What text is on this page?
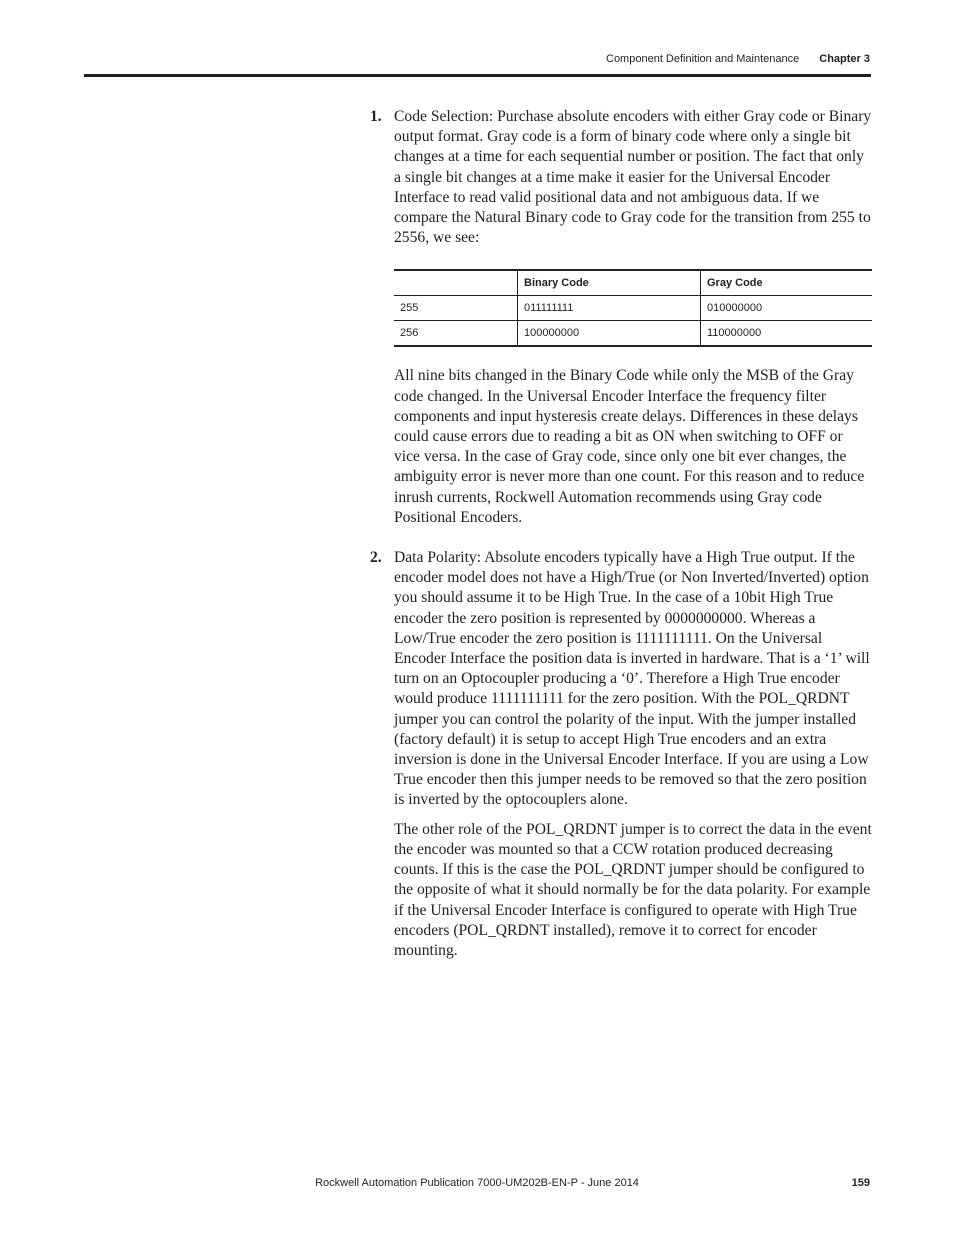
Component Definition and Maintenance Chapter 3
1. Code Selection: Purchase absolute encoders with either Gray code or Binary output format. Gray code is a form of binary code where only a single bit changes at a time for each sequential number or position. The fact that only a single bit changes at a time make it easier for the Universal Encoder Interface to read valid positional data and not ambiguous data. If we compare the Natural Binary code to Gray code for the transition from 255 to 2556, we see:

	Binary Code	Gray Code
255	011111111	010000000
256	100000000	110000000

All nine bits changed in the Binary Code while only the MSB of the Gray code changed. In the Universal Encoder Interface the frequency filter components and input hysteresis create delays. Differences in these delays could cause errors due to reading a bit as ON when switching to OFF or vice versa. In the case of Gray code, since only one bit ever changes, the ambiguity error is never more than one count. For this reason and to reduce inrush currents, Rockwell Automation recommends using Gray code Positional Encoders.

2. Data Polarity: Absolute encoders typically have a High True output. If the encoder model does not have a High/True (or Non Inverted/Inverted) option you should assume it to be High True. In the case of a 10bit High True encoder the zero position is represented by 0000000000. Whereas a Low/True encoder the zero position is 1111111111. On the Universal Encoder Interface the position data is inverted in hardware. That is a ‘1’ will turn on an Optocoupler producing a ‘0’. Therefore a High True encoder would produce 1111111111 for the zero position. With the POL_QRDNT jumper you can control the polarity of the input. With the jumper installed (factory default) it is setup to accept High True encoders and an extra inversion is done in the Universal Encoder Interface. If you are using a Low True encoder then this jumper needs to be removed so that the zero position is inverted by the optocouplers alone.

The other role of the POL_QRDNT jumper is to correct the data in the event the encoder was mounted so that a CCW rotation produced decreasing counts. If this is the case the POL_QRDNT jumper should be configured to the opposite of what it should normally be for the data polarity. For example if the Universal Encoder Interface is configured to operate with High True encoders (POL_QRDNT installed), remove it to correct for encoder mounting.

Rockwell Automation Publication 7000-UM202B-EN-P - June 2014	159
